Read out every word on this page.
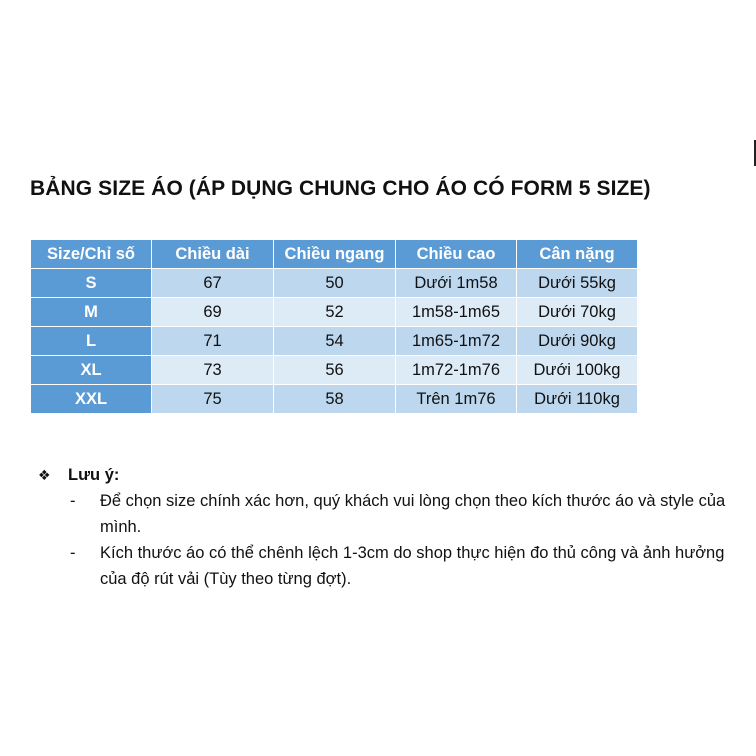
BẢNG SIZE ÁO (ÁP DỤNG CHUNG CHO ÁO CÓ FORM 5 SIZE)
Size/Chỉ số	Chiều dài	Chiều ngang	Chiều cao	Cân nặng
S	67	50	Dưới 1m58	Dưới 55kg
M	69	52	1m58-1m65	Dưới 70kg
L	71	54	1m65-1m72	Dưới 90kg
XL	73	56	1m72-1m76	Dưới 100kg
XXL	75	58	Trên 1m76	Dưới 110kg
❖	Lưu ý:
-	Để chọn size chính xác hơn, quý khách vui lòng chọn theo kích thước áo và style của mình.
-	Kích thước áo có thể chênh lệch 1-3cm do shop thực hiện đo thủ công và ảnh hưởng của độ rút vải (Tùy theo từng đợt).
